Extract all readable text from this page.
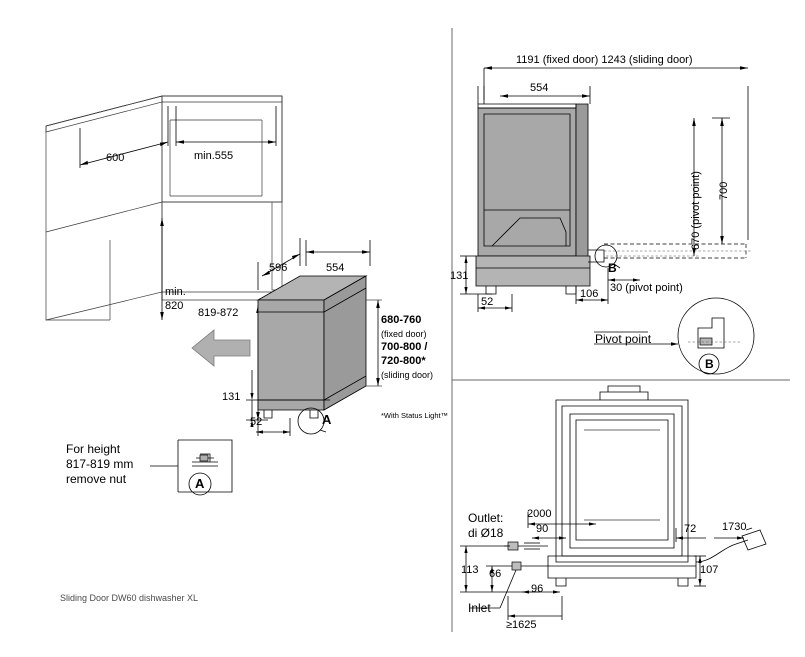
600	min.555
min.
820
819-872
596	554
131
52
680-760
(fixed door)
700-800 /
720-800*
(sliding door)
A
For height
817-819 mm
remove nut	A
*With Status Light™
Sliding Door DW60 dishwasher XL
1191 (fixed door) 1243 (sliding door)
554
670 (pivot point) 700
131
52
106 30 (pivot point)
B
Pivot point
B
Outlet:
di Ø18
Inlet
2000
90	72 1730
113 66	107
96
≥1625
